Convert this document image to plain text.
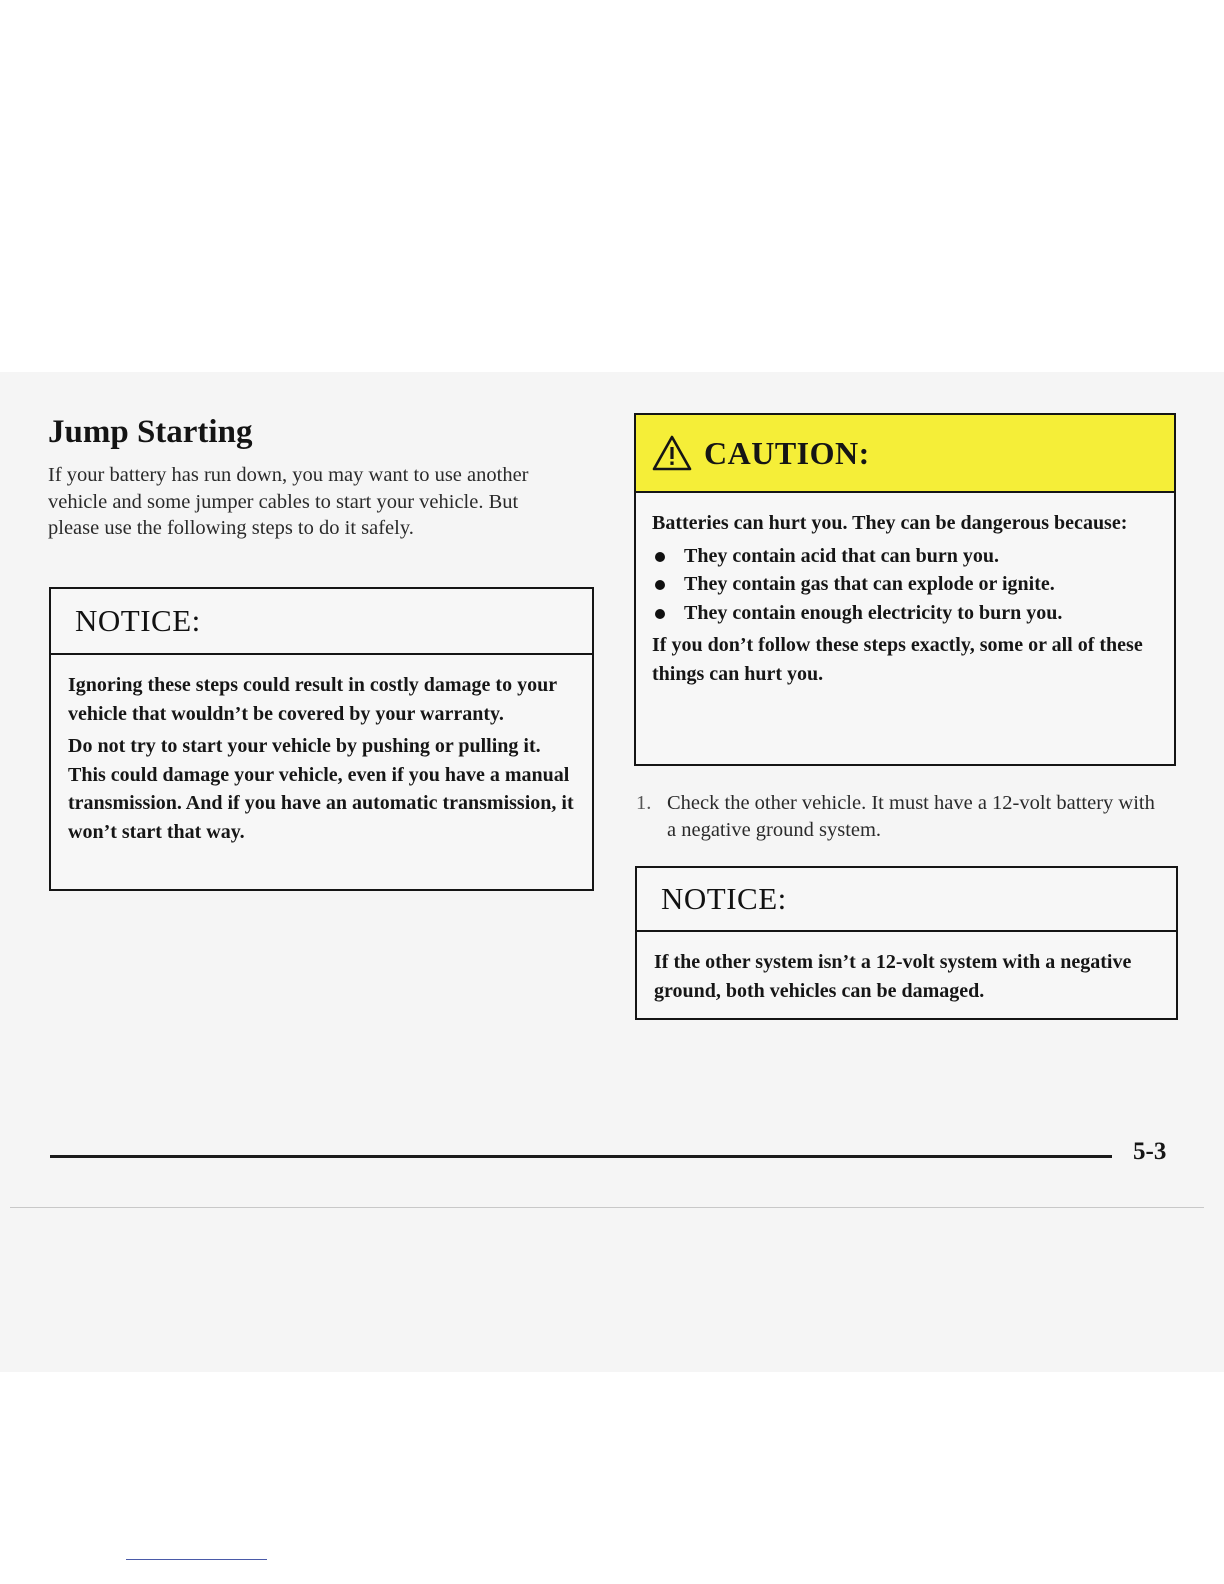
Jump Starting

If your battery has run down, you may want to use another vehicle and some jumper cables to start your vehicle. But please use the following steps to do it safely.

NOTICE:

Ignoring these steps could result in costly damage to your vehicle that wouldn’t be covered by your warranty.

Do not try to start your vehicle by pushing or pulling it. This could damage your vehicle, even if you have a manual transmission. And if you have an automatic transmission, it won’t start that way.

CAUTION:

Batteries can hurt you. They can be dangerous because:

They contain acid that can burn you.
They contain gas that can explode or ignite.
They contain enough electricity to burn you.

If you don’t follow these steps exactly, some or all of these things can hurt you.

1. Check the other vehicle. It must have a 12-volt battery with a negative ground system.
NOTICE:

If the other system isn’t a 12-volt system with a negative ground, both vehicles can be damaged.

5-3
